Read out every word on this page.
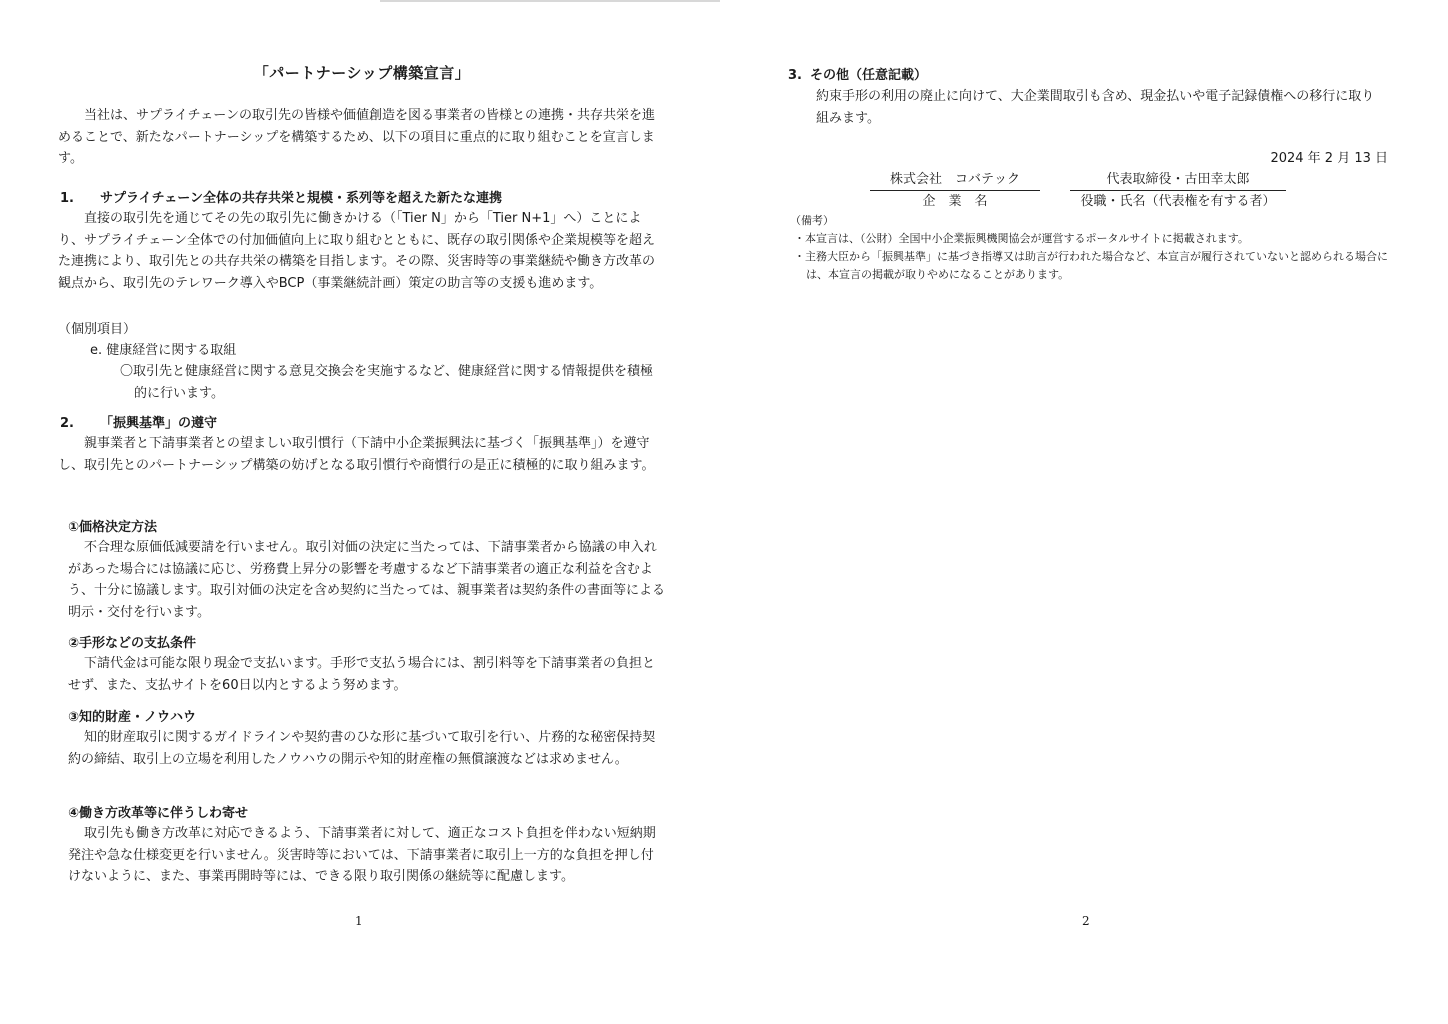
「パートナーシップ構築宣言」

当社は、サプライチェーンの取引先の皆様や価値創造を図る事業者の皆様との連携・共存共栄を進めることで、新たなパートナーシップを構築するため、以下の項目に重点的に取り組むことを宣言します。

1. サプライチェーン全体の共存共栄と規模・系列等を超えた新たな連携

直接の取引先を通じてその先の取引先に働きかける（「Tier N」から「Tier N+1」へ）ことにより、サプライチェーン全体での付加価値向上に取り組むとともに、既存の取引関係や企業規模等を超えた連携により、取引先との共存共栄の構築を目指します。その際、災害時等の事業継続や働き方改革の観点から、取引先のテレワーク導入やBCP（事業継続計画）策定の助言等の支援も進めます。

（個別項目）
e. 健康経営に関する取組

〇取引先と健康経営に関する意見交換会を実施するなど、健康経営に関する情報提供を積極的に行います。

2. 「振興基準」の遵守

親事業者と下請事業者との望ましい取引慣行（下請中小企業振興法に基づく「振興基準」）を遵守し、取引先とのパートナーシップ構築の妨げとなる取引慣行や商慣行の是正に積極的に取り組みます。

①価格決定方法

不合理な原価低減要請を行いません。取引対価の決定に当たっては、下請事業者から協議の申入れがあった場合には協議に応じ、労務費上昇分の影響を考慮するなど下請事業者の適正な利益を含むよう、十分に協議します。取引対価の決定を含め契約に当たっては、親事業者は契約条件の書面等による明示・交付を行います。

②手形などの支払条件

下請代金は可能な限り現金で支払います。手形で支払う場合には、割引料等を下請事業者の負担とせず、また、支払サイトを60日以内とするよう努めます。

③知的財産・ノウハウ

知的財産取引に関するガイドラインや契約書のひな形に基づいて取引を行い、片務的な秘密保持契約の締結、取引上の立場を利用したノウハウの開示や知的財産権の無償譲渡などは求めません。

④働き方改革等に伴うしわ寄せ

取引先も働き方改革に対応できるよう、下請事業者に対して、適正なコスト負担を伴わない短納期発注や急な仕様変更を行いません。災害時等においては、下請事業者に取引上一方的な負担を押し付けないように、また、事業再開時等には、できる限り取引関係の継続等に配慮します。

1
3. その他（任意記載）

約束手形の利用の廃止に向けて、大企業間取引も含め、現金払いや電子記録債権への移行に取り組みます。

2024 年 2 月 13 日
株式会社　コバテック
企　業　名
代表取締役・古田幸太郎
役職・氏名（代表権を有する者）
（備考）

・本宣言は、（公財）全国中小企業振興機関協会が運営するポータルサイトに掲載されます。

・主務大臣から「振興基準」に基づき指導又は助言が行われた場合など、本宣言が履行されていないと認められる場合には、本宣言の掲載が取りやめになることがあります。

2
